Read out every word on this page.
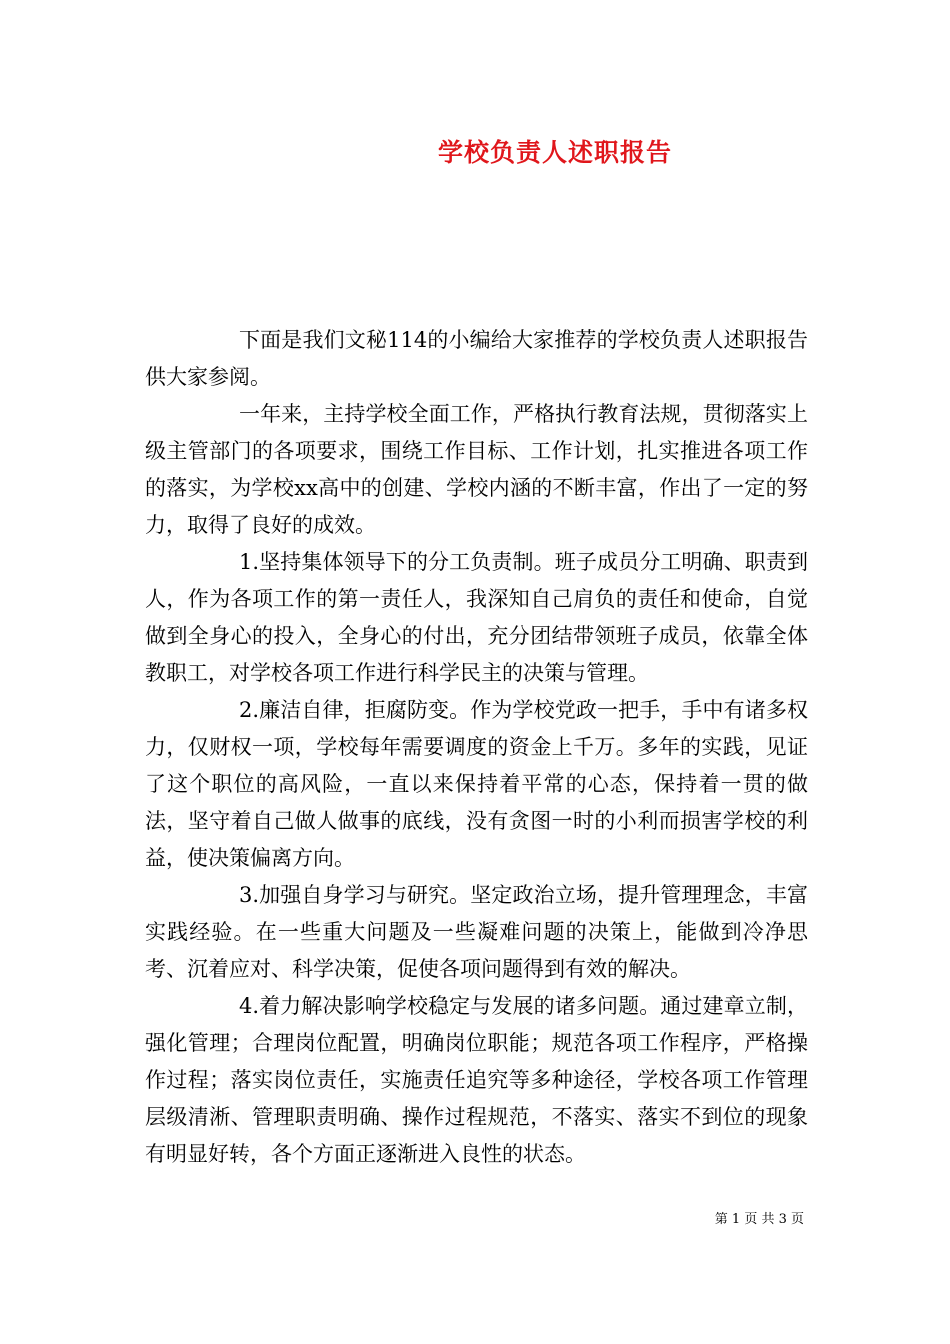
学校负责人述职报告

下面是我们文秘114的小编给大家推荐的学校负责人述职报告供大家参阅。

一年来，主持学校全面工作，严格执行教育法规，贯彻落实上级主管部门的各项要求，围绕工作目标、工作计划，扎实推进各项工作的落实，为学校xx高中的创建、学校内涵的不断丰富，作出了一定的努力，取得了良好的成效。

1.坚持集体领导下的分工负责制。班子成员分工明确、职责到人，作为各项工作的第一责任人，我深知自己肩负的责任和使命，自觉做到全身心的投入，全身心的付出，充分团结带领班子成员，依靠全体教职工，对学校各项工作进行科学民主的决策与管理。

2.廉洁自律，拒腐防变。作为学校党政一把手，手中有诸多权力，仅财权一项，学校每年需要调度的资金上千万。多年的实践，见证了这个职位的高风险，一直以来保持着平常的心态，保持着一贯的做法，坚守着自己做人做事的底线，没有贪图一时的小利而损害学校的利益，使决策偏离方向。

3.加强自身学习与研究。坚定政治立场，提升管理理念，丰富实践经验。在一些重大问题及一些凝难问题的决策上，能做到冷净思考、沉着应对、科学决策，促使各项问题得到有效的解决。

4.着力解决影响学校稳定与发展的诸多问题。通过建章立制，强化管理；合理岗位配置，明确岗位职能；规范各项工作程序，严格操作过程；落实岗位责任，实施责任追究等多种途径，学校各项工作管理层级清淅、管理职责明确、操作过程规范，不落实、落实不到位的现象有明显好转，各个方面正逐渐进入良性的状态。

第 1 页 共 3 页
